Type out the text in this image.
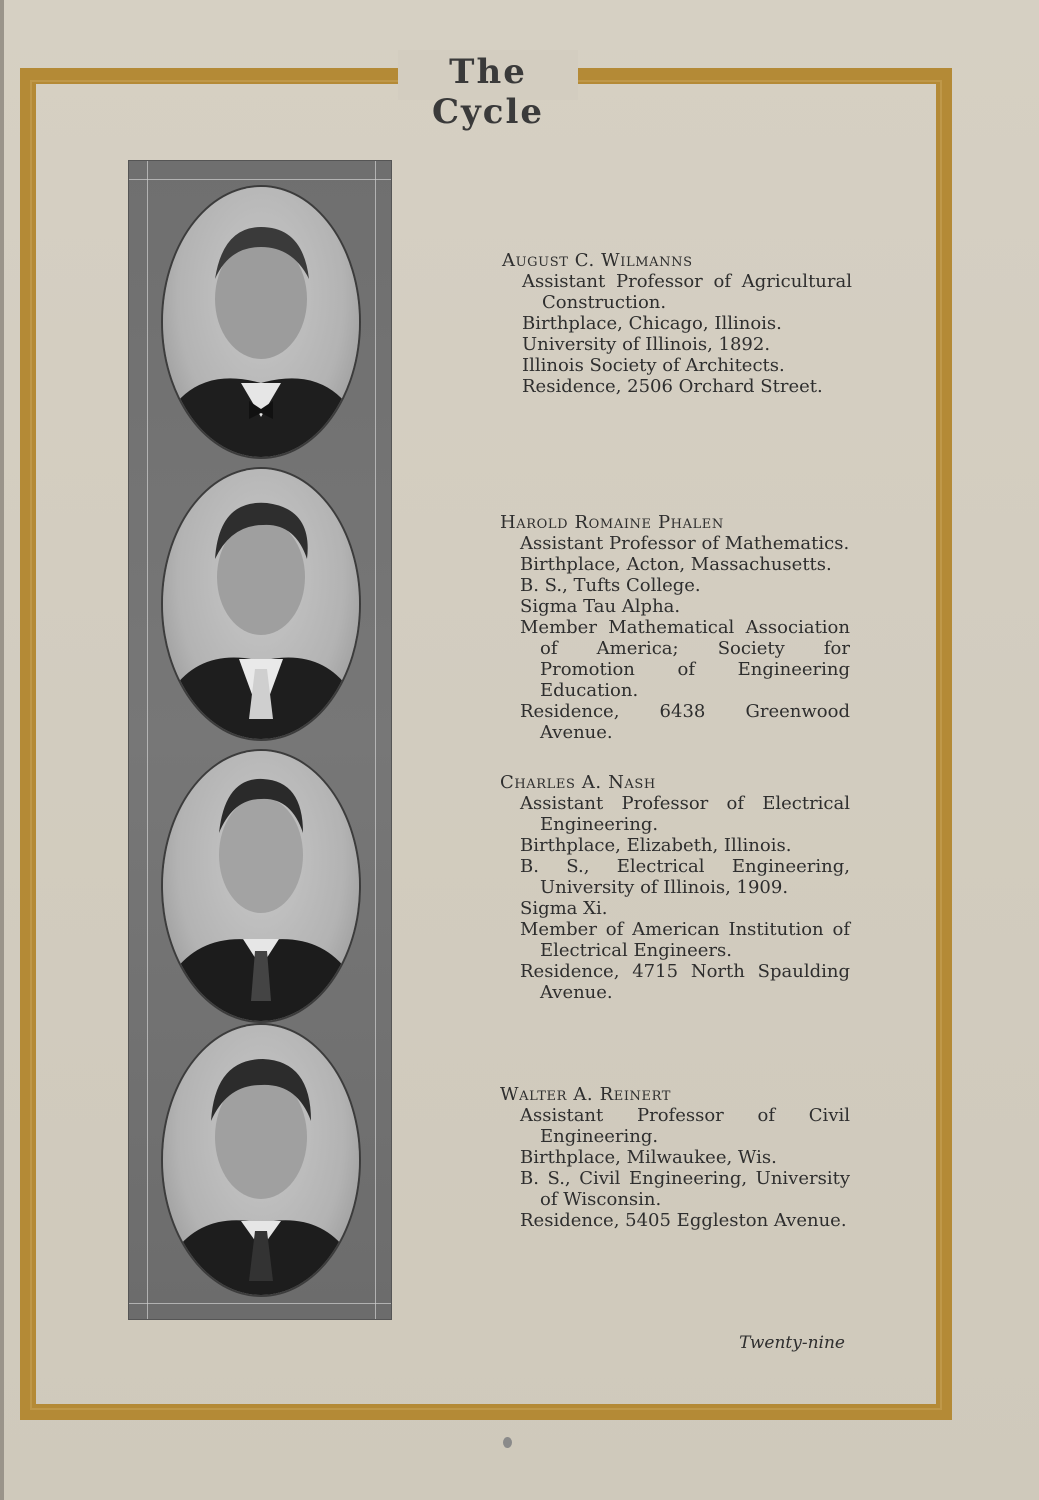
The Cycle
August C. Wilmanns

Assistant Professor of Agricultural Construction.

Birthplace, Chicago, Illinois.

University of Illinois, 1892.

Illinois Society of Architects.

Residence, 2506 Orchard Street.

Harold Romaine Phalen

Assistant Professor of Mathematics.

Birthplace, Acton, Massachusetts.

B. S., Tufts College.

Sigma Tau Alpha.

Member Mathematical Association of America; Society for Promotion of Engineering Education.

Residence, 6438 Greenwood Avenue.

Charles A. Nash

Assistant Professor of Electrical Engineering.

Birthplace, Elizabeth, Illinois.

B. S., Electrical Engineering, University of Illinois, 1909.

Sigma Xi.

Member of American Institution of Electrical Engineers.

Residence, 4715 North Spaulding Avenue.

Walter A. Reinert

Assistant Professor of Civil Engineering.

Birthplace, Milwaukee, Wis.

B. S., Civil Engineering, University of Wisconsin.

Residence, 5405 Eggleston Avenue.

Twenty-nine
